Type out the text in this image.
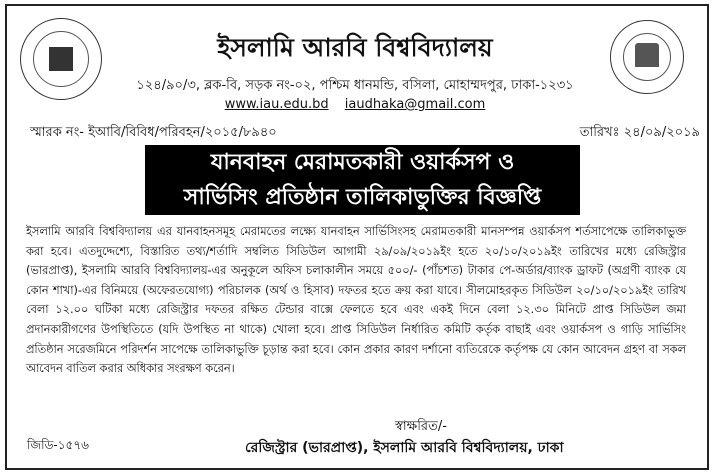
ইসলামি আরবি বিশ্ববিদ্যালয়
১২৪/৯০/৩, ব্লক-বি, সড়ক নং-০২, পশ্চিম ধানমন্ডি, বসিলা, মোহাম্মদপুর, ঢাকা-১২৩১
www.iau.edu.bd iaudhaka@gmail.com
স্মারক নং- ইআবি/বিবিধ/পরিবহন/২০১৫/৮৯৪০	তারিখঃ ২৪/০৯/২০১৯
যানবাহন মেরামতকারী ওয়ার্কসপ ও
সার্ভিসিং প্রতিষ্ঠান তালিকাভুক্তির বিজ্ঞপ্তি
ইসলামি আরবি বিশ্ববিদ্যালয় এর যানবাহনসমূহ মেরামতের লক্ষ্যে যানবাহন সার্ভিসিংসহ মেরামতকারী মানসম্পন্ন ওয়ার্কসপ শর্তসাপেক্ষে তালিকাভুক্ত করা হবে। এতদুদ্দেশ্যে, বিস্তারিত তথ্য/শর্তাদি সম্বলিত সিডিউল আগামী ২৯/০৯/২০১৯ইং হতে ২০/১০/২০১৯ইং তারিখের মধ্যে রেজিস্ট্রার (ভারপ্রাপ্ত), ইসলামি আরবি বিশ্ববিদ্যালয়-এর অনুকূলে অফিস চলাকালীন সময়ে ৫০০/- (পাঁচশত) টাকার পে-অর্ডার/ব্যাংক ড্রাফট (অগ্রণী ব্যাংক যে কোন শাখা)-এর বিনিময়ে (অফেরতযোগ্য) পরিচালক (অর্থ ও হিসাব) দফতর হতে ক্রয় করা যাবে। সীলমোহরকৃত সিডিউল ২০/১০/২০১৯ইং তারিখ বেলা ১২.০০ ঘটিকা মধ্যে রেজিস্ট্রার দফতর রক্ষিত টেন্ডার বাক্সে ফেলতে হবে এবং একই দিনে বেলা ১২.৩০ মিনিটে প্রাপ্ত সিডিউল জমা প্রদানকারীগণের উপস্থিতিতে (যদি উপস্থিত না থাকে) খোলা হবে। প্রাপ্ত সিডিউল নির্ধারিত কমিটি কর্তৃক বাছাই এবং ওয়ার্কসপ ও গাড়ি সার্ভিসিং প্রতিষ্ঠান সরেজমিনে পরিদর্শন সাপেক্ষে তালিকাভুক্তি চূড়ান্ত করা হবে। কোন প্রকার কারণ দর্শানো ব্যতিরেকে কর্তৃপক্ষ যে কোন আবেদন গ্রহণ বা সকল আবেদন বাতিল করার অধিকার সংরক্ষণ করেন।
স্বাক্ষরিত/-
জিডি-১৫৭৬	রেজিস্ট্রার (ভারপ্রাপ্ত), ইসলামি আরবি বিশ্ববিদ্যালয়, ঢাকা
